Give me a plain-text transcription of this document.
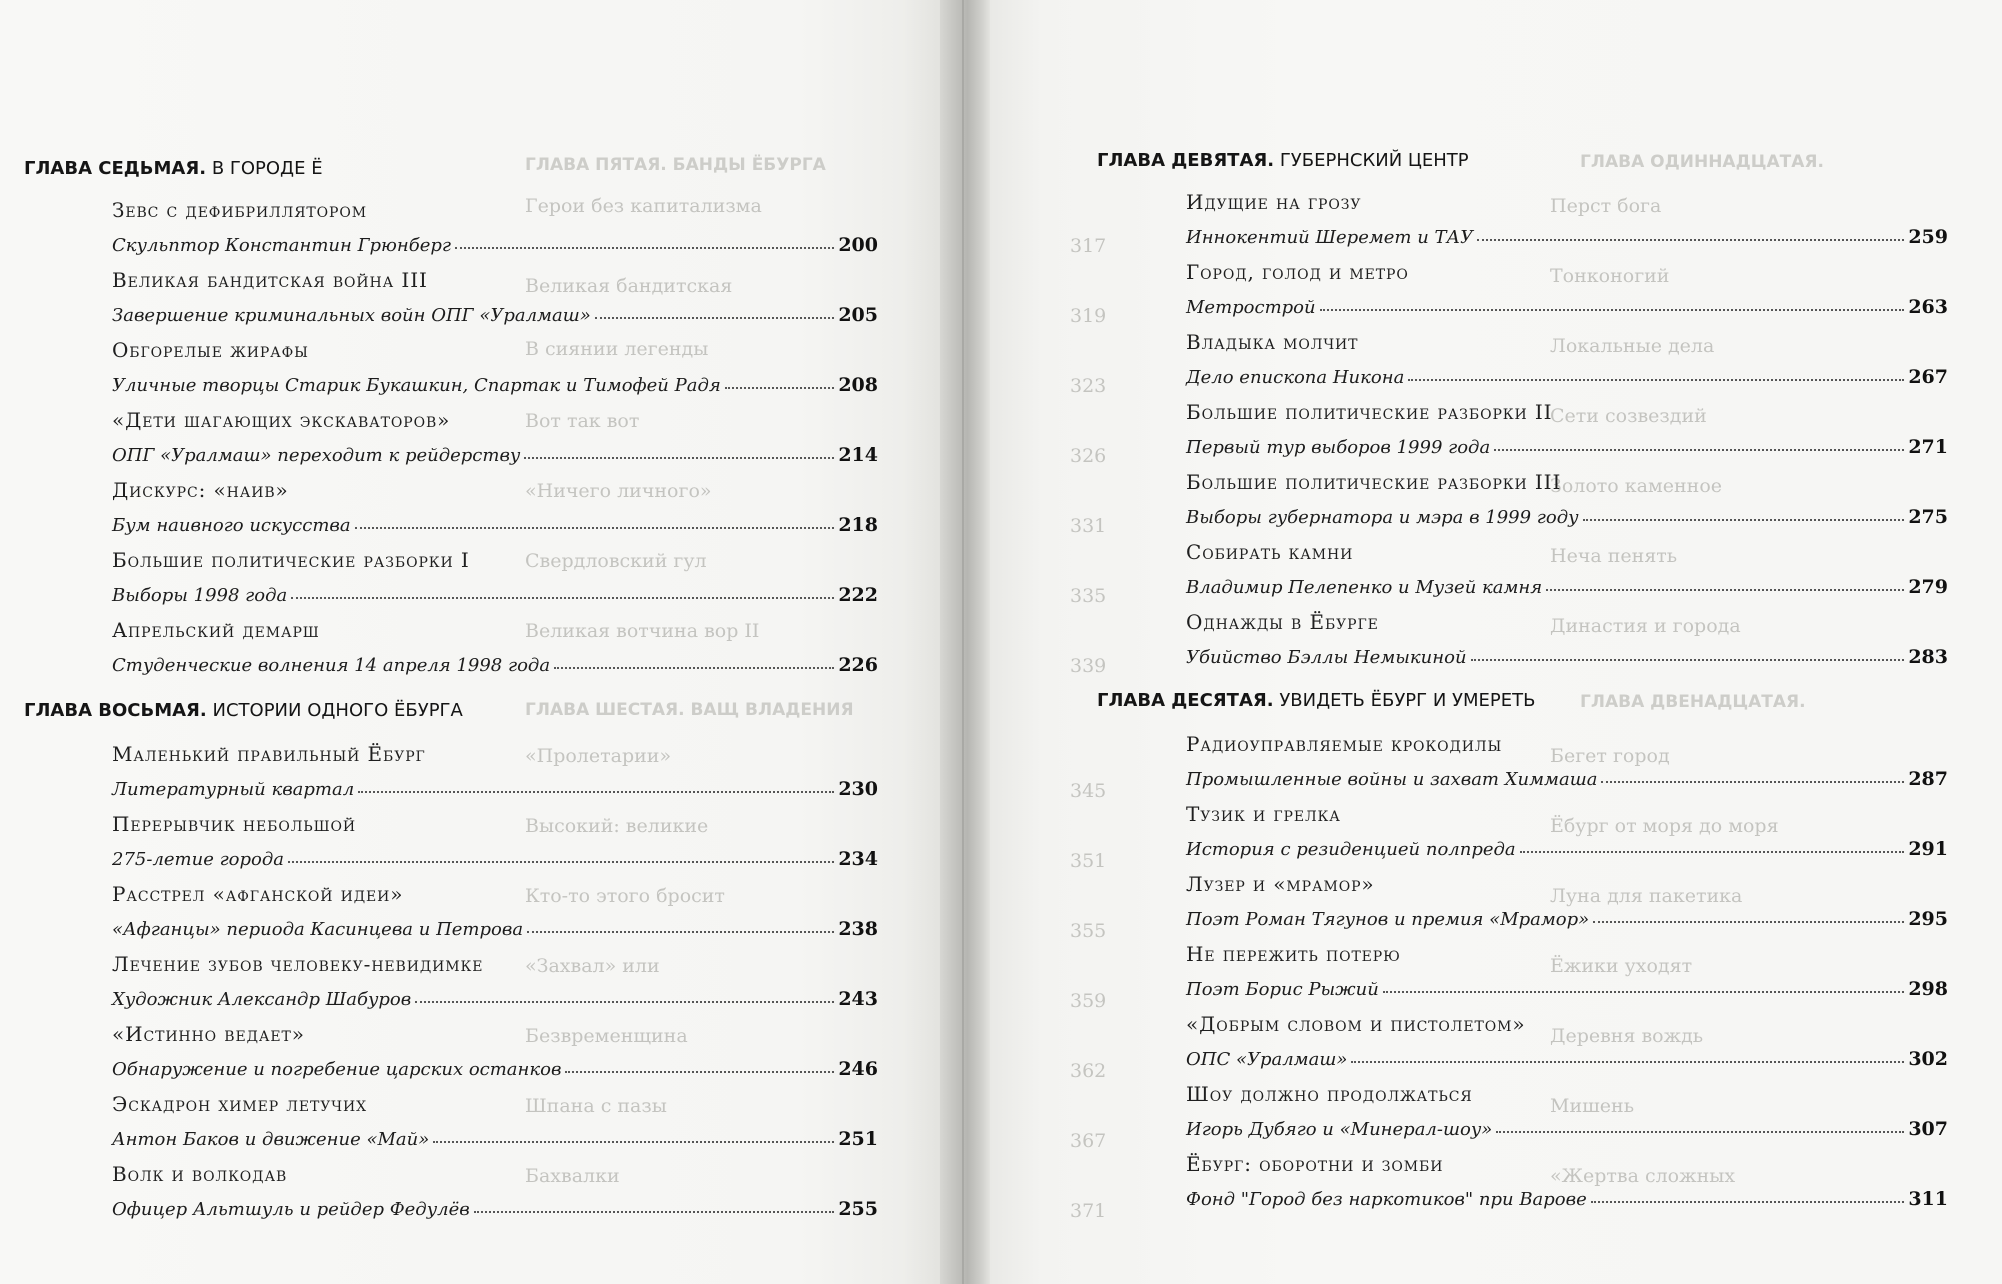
ГЛАВА ПЯТАЯ. БАНДЫ ЁБУРГА
Герои без капитализма
Великая бандитская
В сиянии легенды
Вот так вот
«Ничего личного»
Свердловский гул
Великая вотчина вор II
ГЛАВА ШЕСТАЯ. ВАЩ ВЛАДЕНИЯ
«Пролетарии»
Высокий: великие
Кто-то этого бросит
«Захвал» или
Безвременщина
Шпана с пазы
Бахвалки
ГЛАВА СЕДЬМАЯ. В ГОРОДЕ Ё
Зевс с дефибриллятором
Скульптор Константин Грюнберг	200
Великая бандитская война III
Завершение криминальных войн ОПГ «Уралмаш»	205
Обгорелые жирафы
Уличные творцы Старик Букашкин, Спартак и Тимофей Радя	208
«Дети шагающих экскаваторов»
ОПГ «Уралмаш» переходит к рейдерству	214
Дискурс: «наив»
Бум наивного искусства	218
Большие политические разборки I
Выборы 1998 года	222
Апрельский демарш
Студенческие волнения 14 апреля 1998 года	226
ГЛАВА ВОСЬМАЯ. ИСТОРИИ ОДНОГО ЁБУРГА
Маленький правильный Ёбург
Литературный квартал	230
Перерывчик небольшой
275-летие города	234
Расстрел «афганской идеи»
«Афганцы» периода Касинцева и Петрова	238
Лечение зубов человеку-невидимке
Художник Александр Шабуров	243
«Истинно ведает»
Обнаружение и погребение царских останков	246
Эскадрон химер летучих
Антон Баков и движение «Май»	251
Волк и волкодав
Офицер Альтшуль и рейдер Федулёв	255
ГЛАВА ОДИННАДЦАТАЯ.
Перст бога
Тонконогий
Локальные дела
Сети созвездий
Золото каменное
Неча пенять
Династия и города
ГЛАВА ДВЕНАДЦАТАЯ.
Бегет город
Ёбург от моря до моря
Луна для пакетика
Ёжики уходят
Деревня вождь
Мишень
«Жертва сложных
317
319
323
326
331
335
339
345
351
355
359
362
367
371
ГЛАВА ДЕВЯТАЯ. ГУБЕРНСКИЙ ЦЕНТР
Идущие на грозу
Иннокентий Шеремет и ТАУ	259
Город, голод и метро
Метрострой	263
Владыка молчит
Дело епископа Никона	267
Большие политические разборки II
Первый тур выборов 1999 года	271
Большие политические разборки III
Выборы губернатора и мэра в 1999 году	275
Собирать камни
Владимир Пелепенко и Музей камня	279
Однажды в Ёбурге
Убийство Бэллы Немыкиной	283
ГЛАВА ДЕСЯТАЯ. УВИДЕТЬ ЁБУРГ И УМЕРЕТЬ
Радиоуправляемые крокодилы
Промышленные войны и захват Химмаша	287
Тузик и грелка
История с резиденцией полпреда	291
Лузер и «мрамор»
Поэт Роман Тягунов и премия «Мрамор»	295
Не пережить потерю
Поэт Борис Рыжий	298
«Добрым словом и пистолетом»
ОПС «Уралмаш»	302
Шоу должно продолжаться
Игорь Дубяго и «Минерал-шоу»	307
Ёбург: оборотни и зомби
Фонд "Город без наркотиков" при Варове	311
